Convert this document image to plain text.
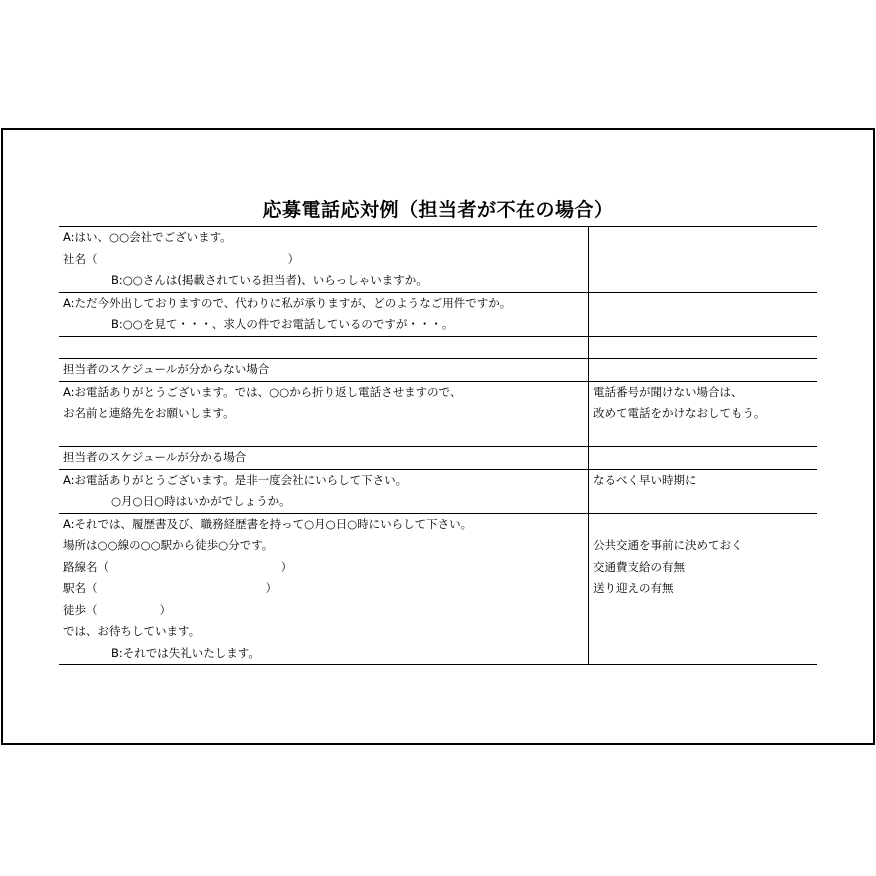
応募電話応対例（担当者が不在の場合）
A:はい、○○会社でございます。
社名（                                                    ）
B:○○さんは(掲載されている担当者)、いらっしゃいますか。
A:ただ今外出しておりますので、代わりに私が承りますが、どのようなご用件ですか。
B:○○を見て・・・、求人の件でお電話しているのですが・・・。
担当者のスケジュールが分からない場合
A:お電話ありがとうございます。では、○○から折り返し電話させますので、
お名前と連絡先をお願いします。
電話番号が聞けない場合は、
改めて電話をかけなおしてもう。
担当者のスケジュールが分かる場合
A:お電話ありがとうございます。是非一度会社にいらして下さい。
○月○日○時はいかがでしょうか。
なるべく早い時期に
A:それでは、履歴書及び、職務経歴書を持って○月○日○時にいらして下さい。
場所は○○線の○○駅から徒歩○分です。
路線名（                                               ）
駅名（                                              ）
徒歩（                 ）
では、お待ちしています。
B:それでは失礼いたします。
公共交通を事前に決めておく
交通費支給の有無
送り迎えの有無
